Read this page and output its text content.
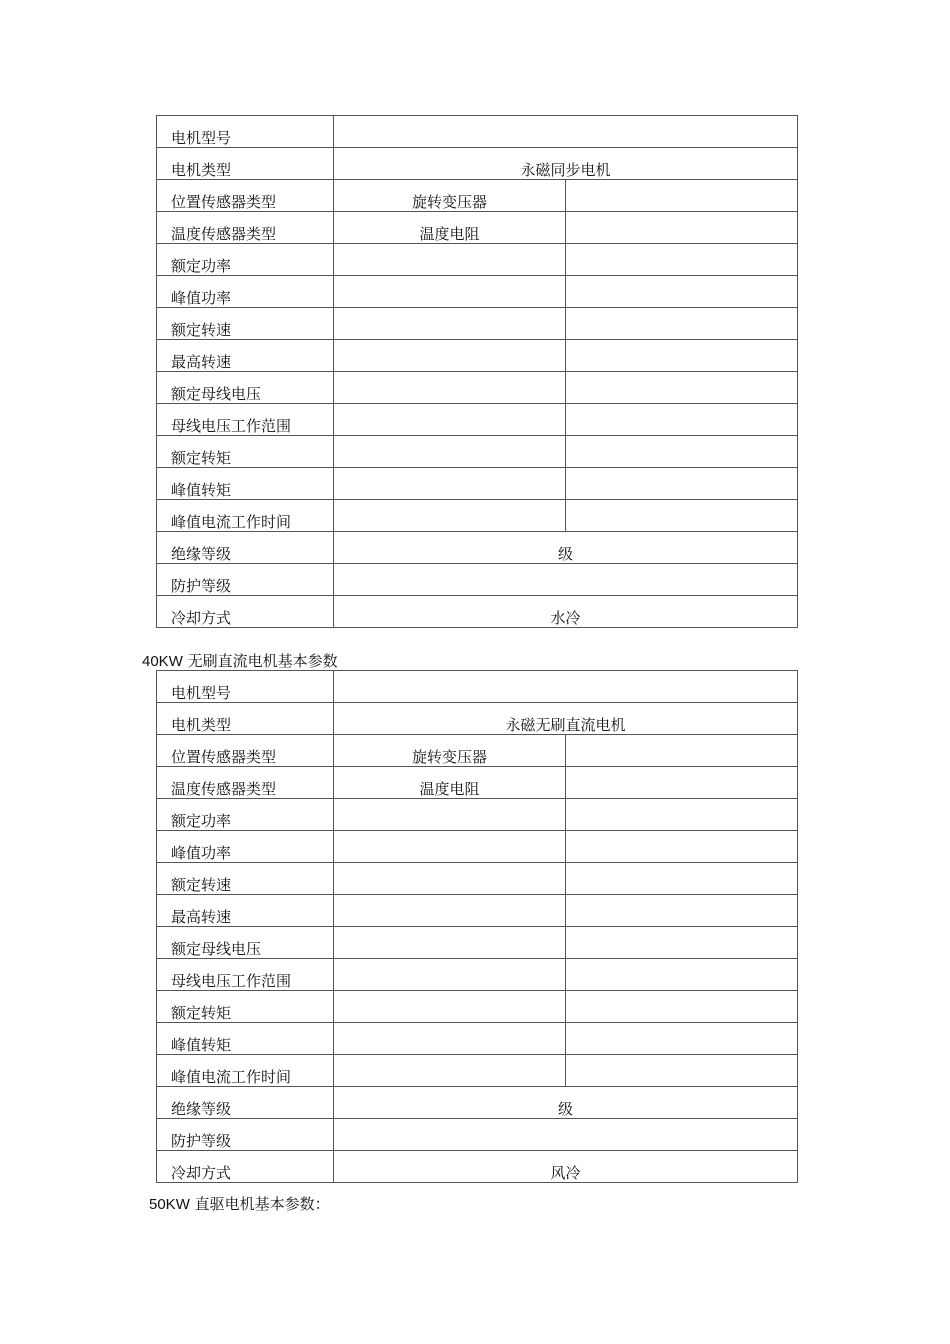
电机型号		
电机类型	永磁同步电机	
位置传感器类型	旋转变压器	
温度传感器类型	温度电阻	
额定功率		
峰值功率		
额定转速		
最高转速		
额定母线电压		
母线电压工作范围		
额定转矩		
峰值转矩		
峰值电流工作时间		
绝缘等级	级	
防护等级		
冷却方式	水冷	
40KW 无刷直流电机基本参数
电机型号		
电机类型	永磁无刷直流电机	
位置传感器类型	旋转变压器	
温度传感器类型	温度电阻	
额定功率		
峰值功率		
额定转速		
最高转速		
额定母线电压		
母线电压工作范围		
额定转矩		
峰值转矩		
峰值电流工作时间		
绝缘等级	级	
防护等级		
冷却方式	风冷	
50KW 直驱电机基本参数：
